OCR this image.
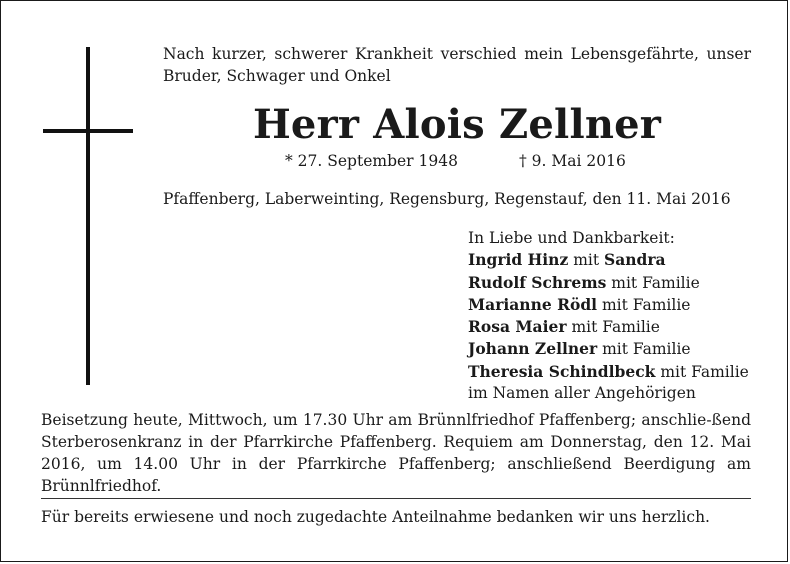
Nach kurzer, schwerer Krankheit verschied mein Lebensgefährte, unser Bruder, Schwager und Onkel
Herr Alois Zellner
* 27. September 1948	† 9. Mai 2016
Pfaffenberg, Laberweinting, Regensburg, Regenstauf, den 11. Mai 2016
In Liebe und Dankbarkeit:
Ingrid Hinz mit Sandra
Rudolf Schrems mit Familie
Marianne Rödl mit Familie
Rosa Maier mit Familie
Johann Zellner mit Familie
Theresia Schindlbeck mit Familie
im Namen aller Angehörigen
Beisetzung heute, Mittwoch, um 17.30 Uhr am Brünnlfriedhof Pfaffenberg; anschlie-ßend Sterberosenkranz in der Pfarrkirche Pfaffenberg. Requiem am Donnerstag, den 12. Mai 2016, um 14.00 Uhr in der Pfarrkirche Pfaffenberg; anschließend Beerdigung am Brünnlfriedhof.
Für bereits erwiesene und noch zugedachte Anteilnahme bedanken wir uns herzlich.
